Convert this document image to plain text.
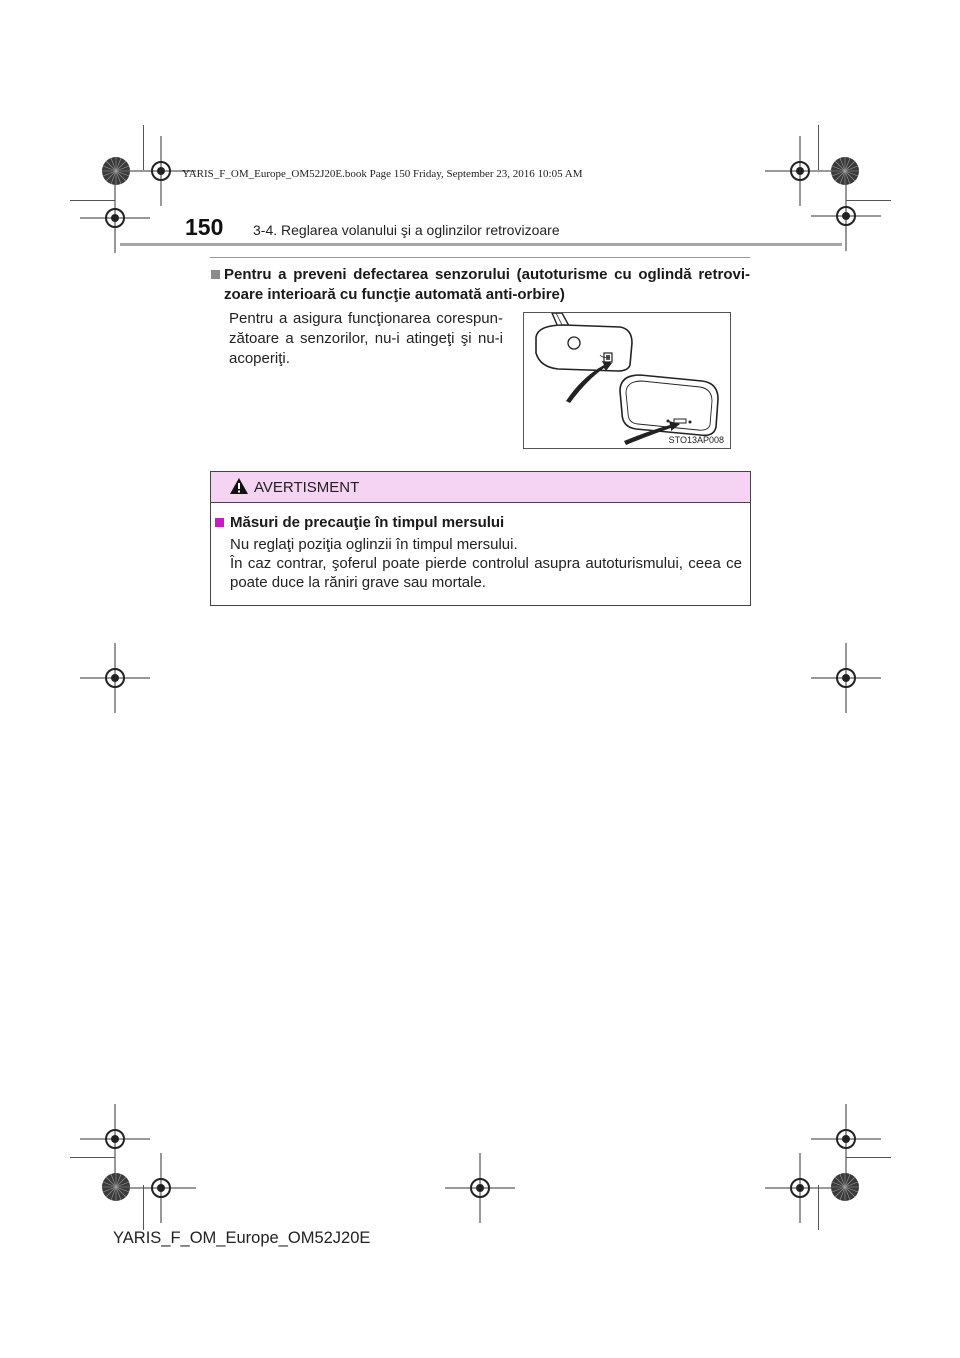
YARIS_F_OM_Europe_OM52J20E.book Page 150 Friday, September 23, 2016 10:05 AM
150 3-4. Reglarea volanului şi a oglinzilor retrovizoare
Pentru a preveni defectarea senzorului (autoturisme cu oglindă retrovi-
zoare interioară cu funcţie automată anti-orbire)
Pentru a asigura funcţionarea corespun-
zătoare a senzorilor, nu-i atingeţi şi nu-i
acoperiţi.
STO13AP008
AVERTISMENT
Măsuri de precauţie în timpul mersului
Nu reglaţi poziţia oglinzii în timpul mersului.
În caz contrar, şoferul poate pierde controlul asupra autoturismului, ceea ce
poate duce la răniri grave sau mortale.
YARIS_F_OM_Europe_OM52J20E
